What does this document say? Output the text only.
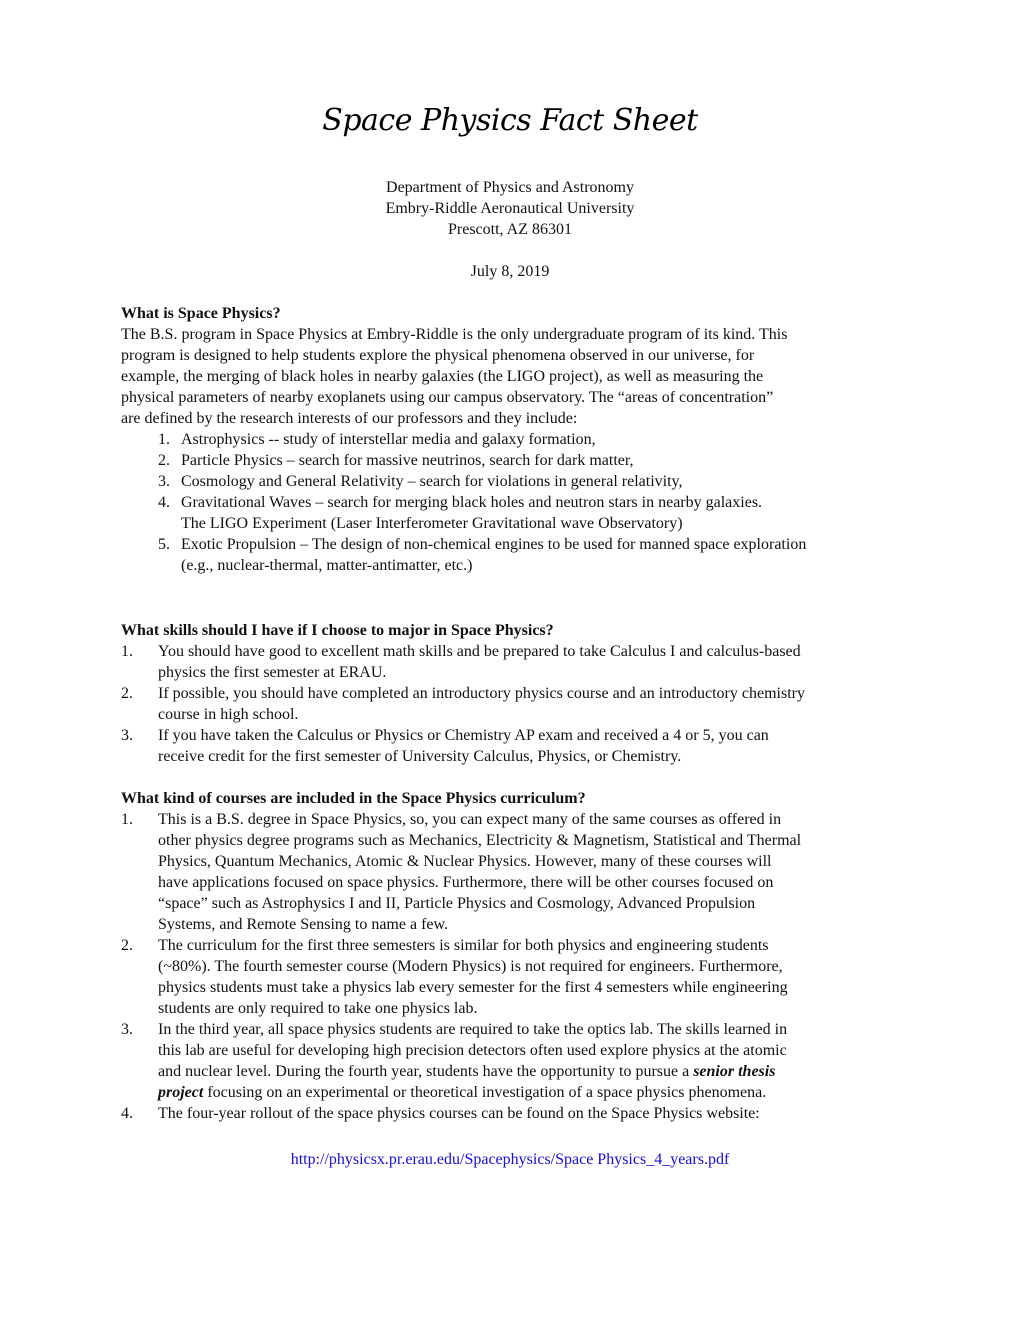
Space Physics Fact Sheet
Department of Physics and Astronomy
Embry-Riddle Aeronautical University
Prescott, AZ 86301
July 8, 2019
What is Space Physics?
The B.S. program in Space Physics at Embry-Riddle is the only undergraduate program of its kind. This
program is designed to help students explore the physical phenomena observed in our universe, for
example, the merging of black holes in nearby galaxies (the LIGO project), as well as measuring the
physical parameters of nearby exoplanets using our campus observatory. The “areas of concentration”
are defined by the research interests of our professors and they include:
1. Astrophysics -- study of interstellar media and galaxy formation,
2. Particle Physics – search for massive neutrinos, search for dark matter,
3. Cosmology and General Relativity – search for violations in general relativity,
4. Gravitational Waves – search for merging black holes and neutron stars in nearby galaxies.
The LIGO Experiment (Laser Interferometer Gravitational wave Observatory)
5. Exotic Propulsion – The design of non-chemical engines to be used for manned space exploration
(e.g., nuclear-thermal, matter-antimatter, etc.)
What skills should I have if I choose to major in Space Physics?
1. You should have good to excellent math skills and be prepared to take Calculus I and calculus-based
physics the first semester at ERAU.
2. If possible, you should have completed an introductory physics course and an introductory chemistry
course in high school.
3. If you have taken the Calculus or Physics or Chemistry AP exam and received a 4 or 5, you can
receive credit for the first semester of University Calculus, Physics, or Chemistry.
What kind of courses are included in the Space Physics curriculum?
1. This is a B.S. degree in Space Physics, so, you can expect many of the same courses as offered in
other physics degree programs such as Mechanics, Electricity & Magnetism, Statistical and Thermal
Physics, Quantum Mechanics, Atomic & Nuclear Physics. However, many of these courses will
have applications focused on space physics. Furthermore, there will be other courses focused on
“space” such as Astrophysics I and II, Particle Physics and Cosmology, Advanced Propulsion
Systems, and Remote Sensing to name a few.
2. The curriculum for the first three semesters is similar for both physics and engineering students
(~80%). The fourth semester course (Modern Physics) is not required for engineers. Furthermore,
physics students must take a physics lab every semester for the first 4 semesters while engineering
students are only required to take one physics lab.
3. In the third year, all space physics students are required to take the optics lab. The skills learned in
this lab are useful for developing high precision detectors often used explore physics at the atomic
and nuclear level. During the fourth year, students have the opportunity to pursue a senior thesis
project focusing on an experimental or theoretical investigation of a space physics phenomena.
4. The four-year rollout of the space physics courses can be found on the Space Physics website:
http://physicsx.pr.erau.edu/Spacephysics/Space Physics_4_years.pdf
